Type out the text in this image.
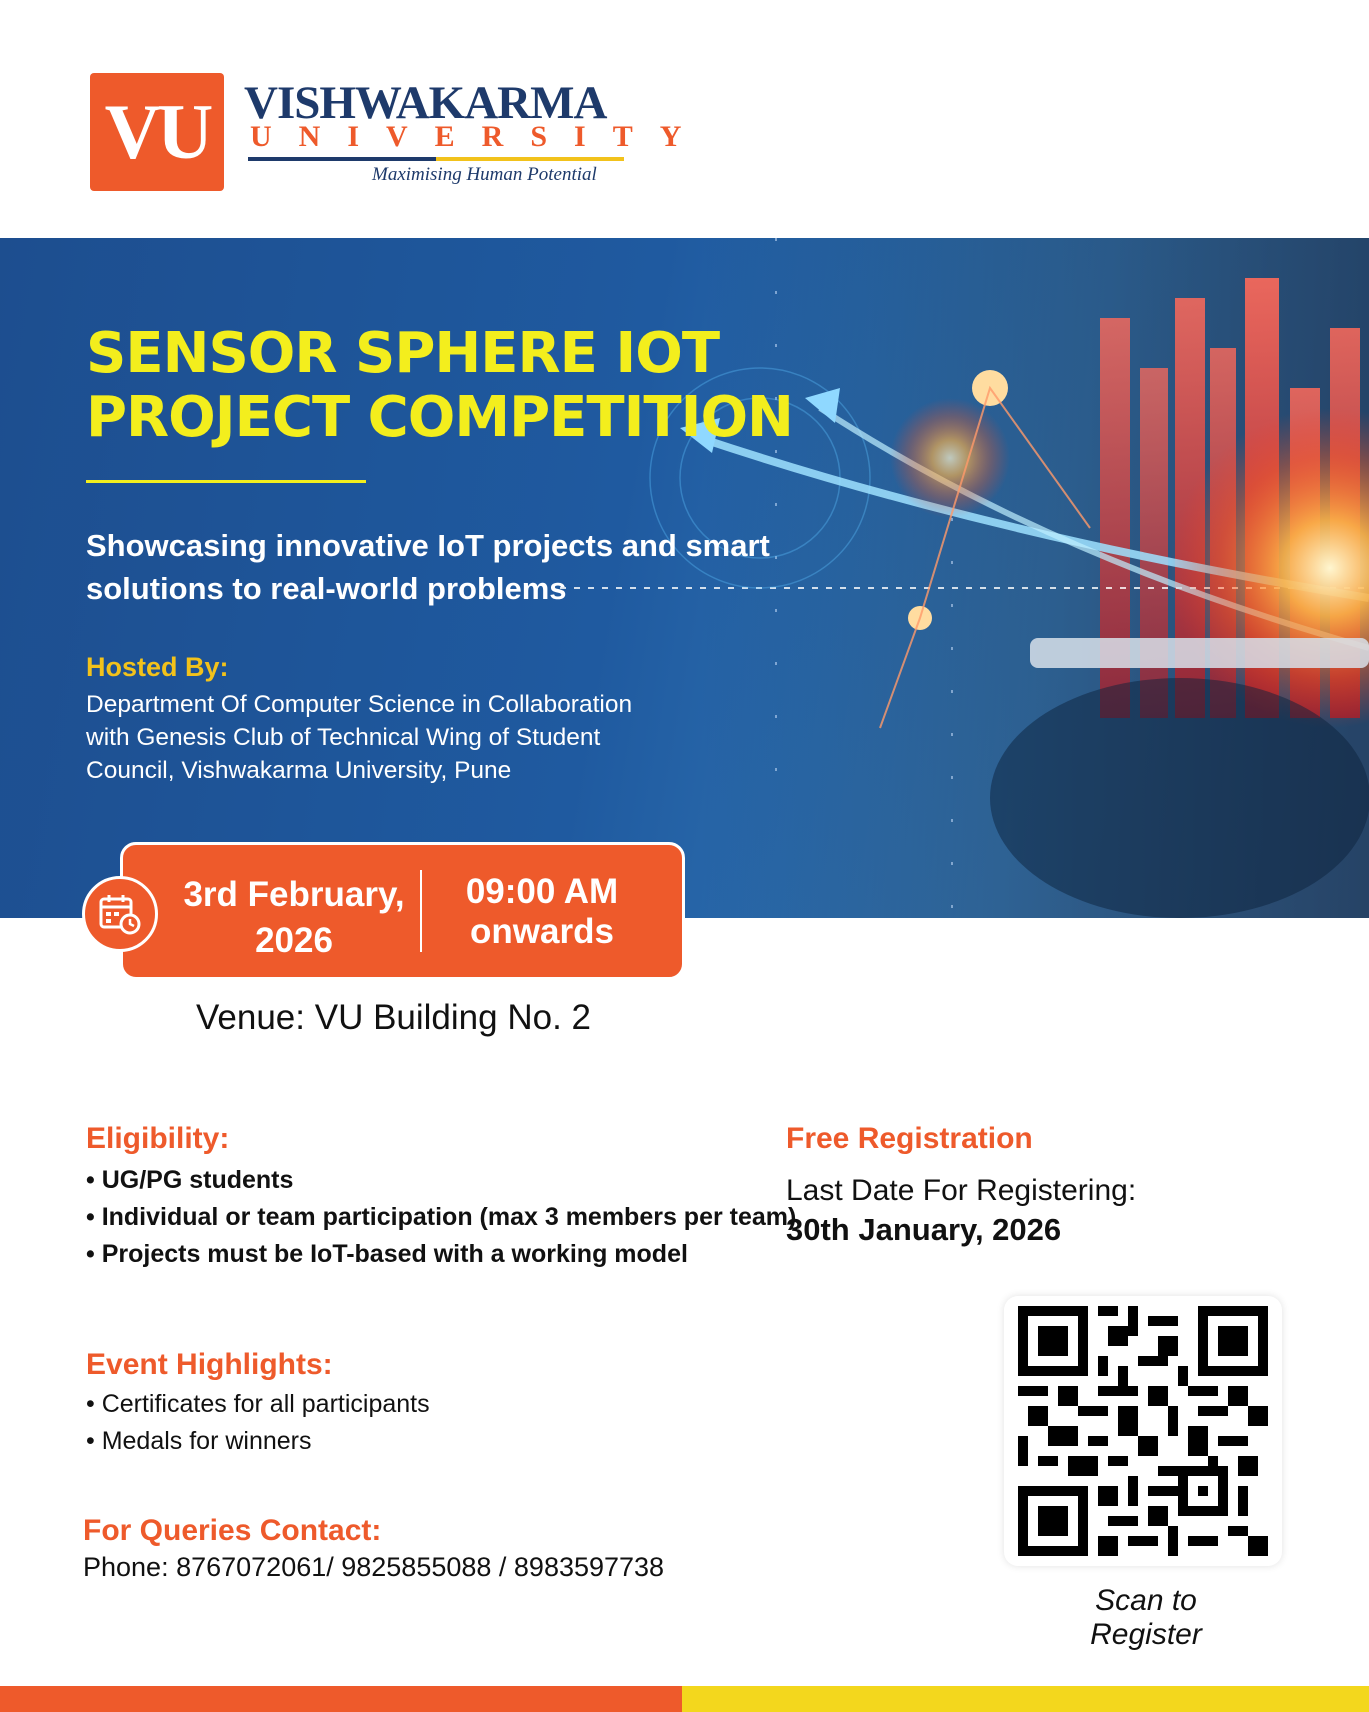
VU VISHWAKARMA
UNIVERSITY
Maximising Human Potential
SENSOR SPHERE IOT
PROJECT COMPETITION
Showcasing innovative IoT projects and smart
solutions to real-world problems
Hosted By:
Department Of Computer Science in Collaboration
with Genesis Club of Technical Wing of Student
Council, Vishwakarma University, Pune
3rd February,
2026
09:00 AM
onwards
Venue: VU Building No. 2
Eligibility:
• UG/PG students
• Individual or team participation (max 3 members per team)
• Projects must be IoT-based with a working model
Event Highlights:
• Certificates for all participants
• Medals for winners
For Queries Contact:
Phone: 8767072061/ 9825855088 / 8983597738
Free Registration
Last Date For Registering:
30th January, 2026
Scan to Register
